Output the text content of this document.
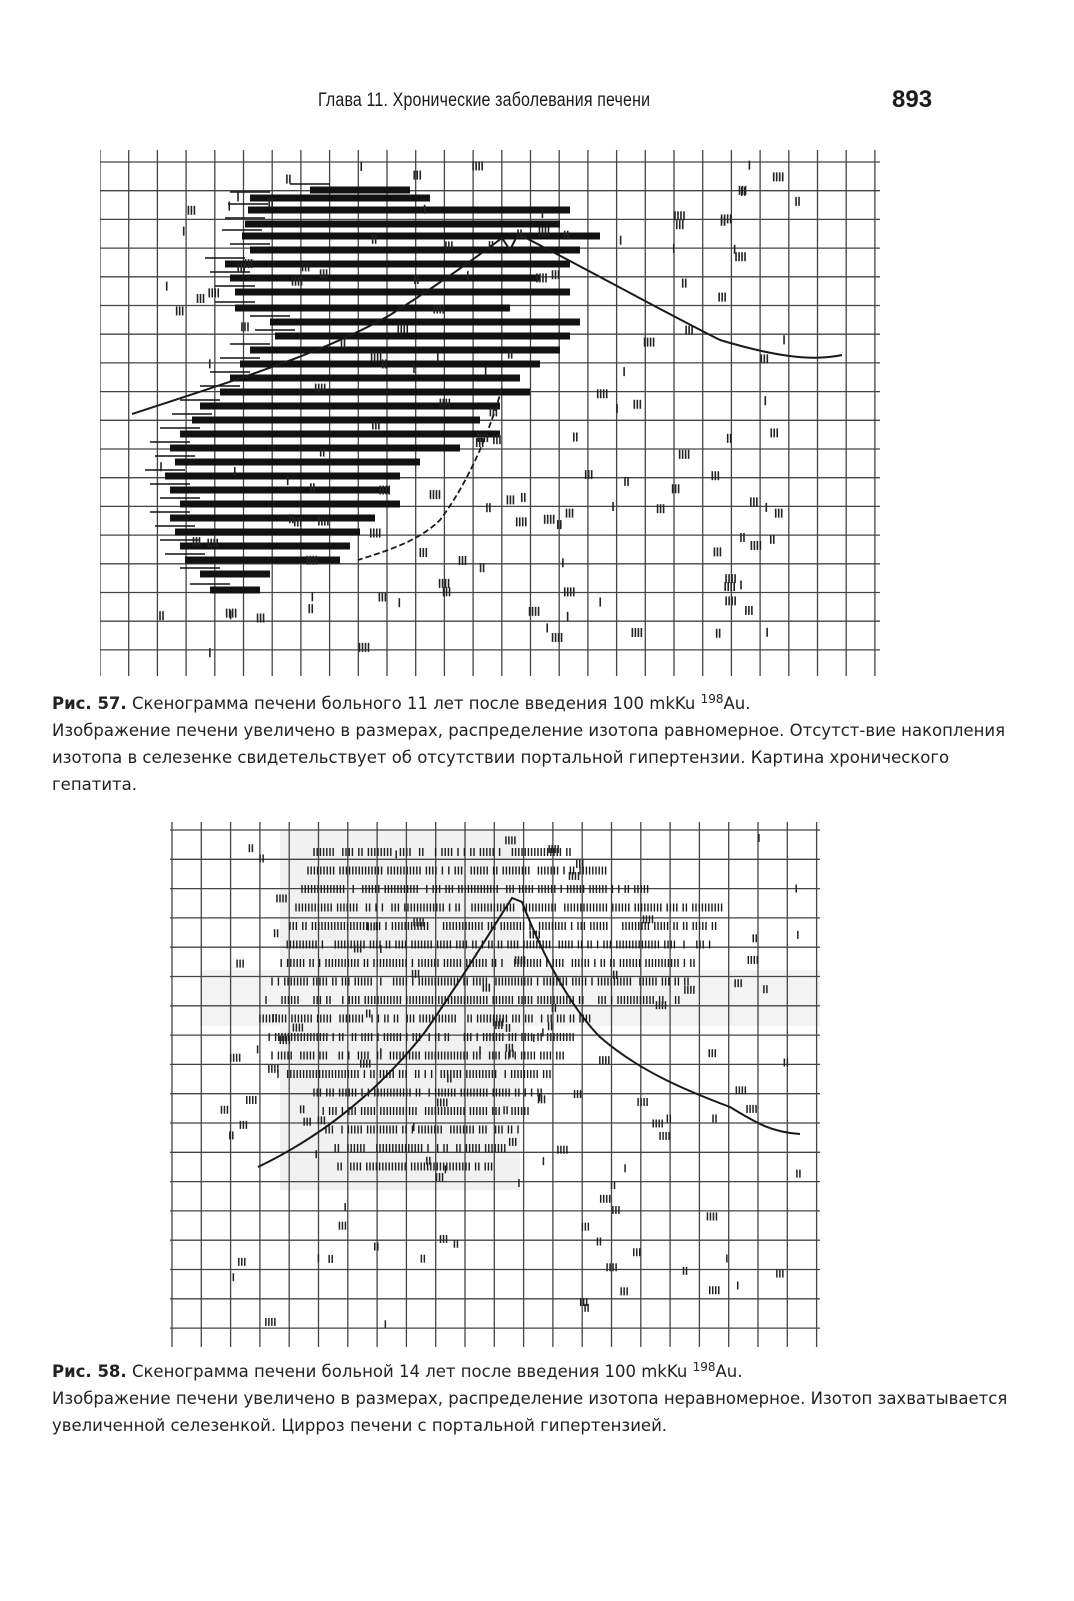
Глава 11. Хронические заболевания печени	893
Рис. 57. Скенограмма печени больного 11 лет после введения 100 mkKu $^{198}$Au.
Изображение печени увеличено в размерах, распределение изотопа равномерное. Отсутст-вие накопления изотопа в селезенке свидетельствует об отсутствии портальной гипертензии. Картина хронического гепатита.
Рис. 58. Скенограмма печени больной 14 лет после введения 100 mkKu $^{198}$Au.
Изображение печени увеличено в размерах, распределение изотопа неравномерное. Изотоп захватывается увеличенной селезенкой. Цирроз печени с портальной гипертензией.
